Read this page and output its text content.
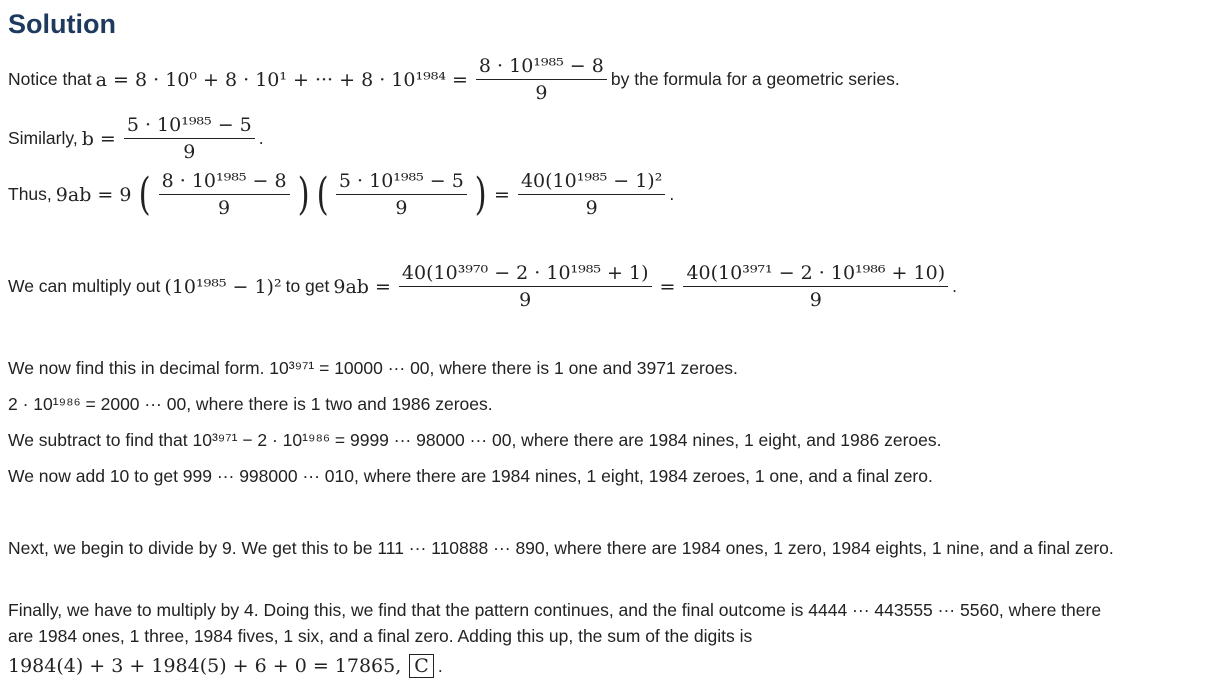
Solution
Notice that a = 8 · 10⁰ + 8 · 10¹ + ··· + $8 \cdot 10^{1984} = \frac{\text{8 · 10¹⁹⁸⁵ − 8}}{9}$ by the formula for a geometric series.
Similarly, $b = \frac{\text{5 · 10¹⁹⁸⁵ − 5}}{9}$ .
Thus, 9ab = 9 ( $\frac{\text{8 · 10¹⁹⁸⁵ − 8}}{9}$ ) ( $\frac{\text{5 · 10¹⁹⁸⁵ − 5}}{9}$ ) = $\frac{\text{40(10¹⁹⁸⁵ − 1)²}}{9}$ .
We can multiply out (10¹⁹⁸⁵ − 1)² to get $9ab = \frac{\text{40(10³⁹⁷⁰ − 2 · 10¹⁹⁸⁵ + 1)}}{9} = \frac{\text{40(10³⁹⁷¹ − 2 · 10¹⁹⁸⁶ + 10)}}{9}$ .
We now find this in decimal form. 10³⁹⁷¹ = 10000 ··· 00, where there is 1 one and 3971 zeroes.
2 · 10¹⁹⁸⁶ = 2000 ··· 00, where there is 1 two and 1986 zeroes.
We subtract to find that 10³⁹⁷¹ − 2 · 10¹⁹⁸⁶ = 9999 ··· 98000 ··· 00, where there are 1984 nines, 1 eight, and 1986 zeroes.
We now add 10 to get 999 ··· 998000 ··· 010, where there are 1984 nines, 1 eight, 1984 zeroes, 1 one, and a final zero.
Next, we begin to divide by 9. We get this to be 111 ··· 110888 ··· 890, where there are 1984 ones, 1 zero, 1984 eights, 1 nine, and a final zero.
Finally, we have to multiply by 4. Doing this, we find that the pattern continues, and the final outcome is 4444 ··· 443555 ··· 5560, where there
are 1984 ones, 1 three, 1984 fives, 1 six, and a final zero. Adding this up, the sum of the digits is
1984(4) + 3 + 1984(5) + 6 + 0 = 17865, C .
